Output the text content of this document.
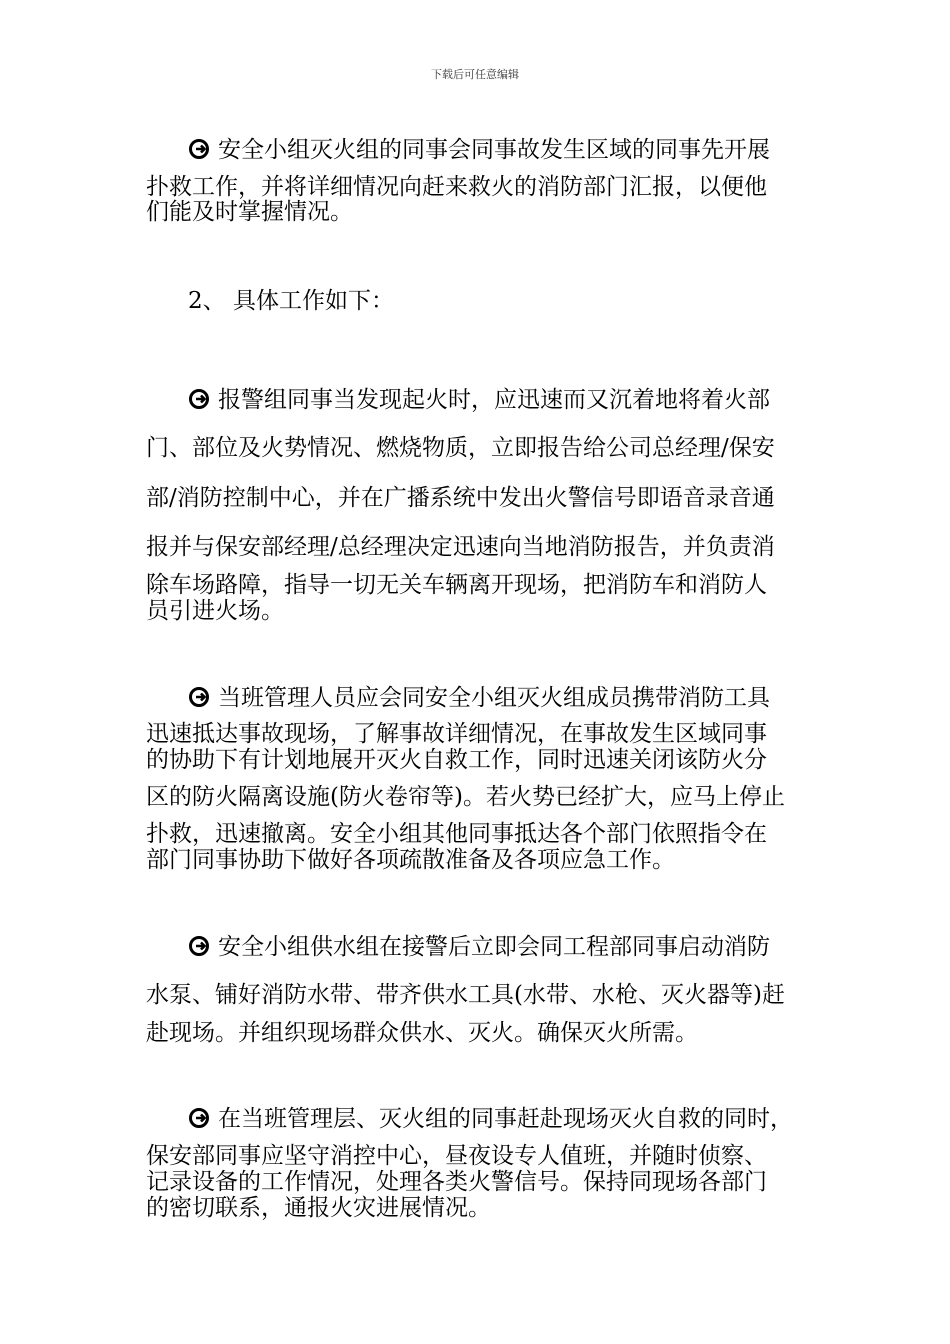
下载后可任意编辑
安全小组灭火组的同事会同事故发生区域的同事先开展
扑救工作，并将详细情况向赶来救火的消防部门汇报，以便他
们能及时掌握情况。
2、 具体工作如下：
报警组同事当发现起火时，应迅速而又沉着地将着火部
门、部位及火势情况、燃烧物质，立即报告给公司总经理/保安
部/消防控制中心，并在广播系统中发出火警信号即语音录音通
报并与保安部经理/总经理决定迅速向当地消防报告，并负责消
除车场路障，指导一切无关车辆离开现场，把消防车和消防人
员引进火场。
当班管理人员应会同安全小组灭火组成员携带消防工具
迅速抵达事故现场，了解事故详细情况，在事故发生区域同事
的协助下有计划地展开灭火自救工作，同时迅速关闭该防火分
区的防火隔离设施(防火卷帘等)。若火势已经扩大，应马上停止
扑救，迅速撤离。安全小组其他同事抵达各个部门依照指令在
部门同事协助下做好各项疏散准备及各项应急工作。
安全小组供水组在接警后立即会同工程部同事启动消防
水泵、铺好消防水带、带齐供水工具(水带、水枪、灭火器等)赶
赴现场。并组织现场群众供水、灭火。确保灭火所需。
在当班管理层、灭火组的同事赶赴现场灭火自救的同时，
保安部同事应坚守消控中心，昼夜设专人值班，并随时侦察、
记录设备的工作情况，处理各类火警信号。保持同现场各部门
的密切联系，通报火灾进展情况。
